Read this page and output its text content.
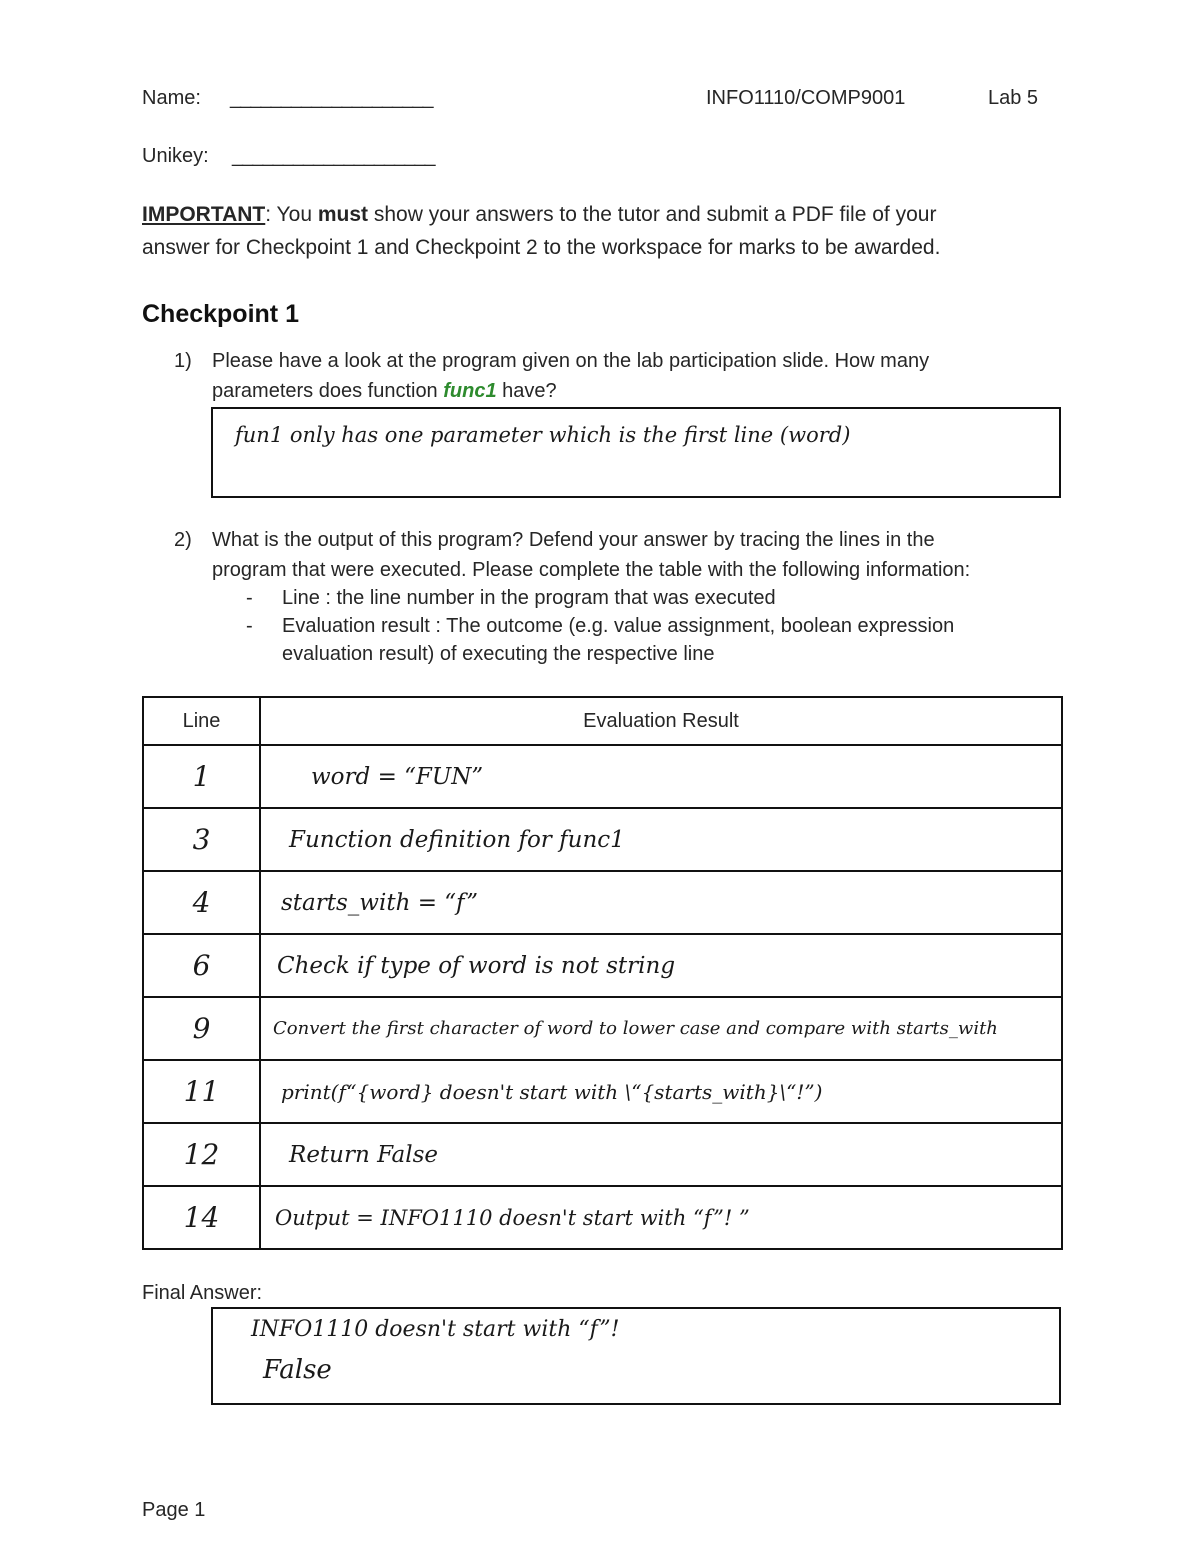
Name: ____________________	INFO1110/COMP9001	Lab 5
Unikey: ____________________
IMPORTANT: You must show your answers to the tutor and submit a PDF file of your
answer for Checkpoint 1 and Checkpoint 2 to the workspace for marks to be awarded.
Checkpoint 1
1) Please have a look at the program given on the lab participation slide. How many
parameters does function func1 have?
fun1 only has one parameter which is the first line (word)
2) What is the output of this program? Defend your answer by tracing the lines in the
program that were executed. Please complete the table with the following information:
- Line : the line number in the program that was executed
- Evaluation result : The outcome (e.g. value assignment, boolean expression
evaluation result) of executing the respective line
Line	Evaluation Result
1	word = “FUN”
3	Function definition for func1
4	starts_with = “f”
6	Check if type of word is not string
9	Convert the first character of word to lower case and compare with starts_with
11	print(f“{word} doesn't start with \“{starts_with}\“!”)
12	Return False
14	Output = INFO1110 doesn't start with “f”! ”
Final Answer:
INFO1110 doesn't start with “f”!
False
Page 1
